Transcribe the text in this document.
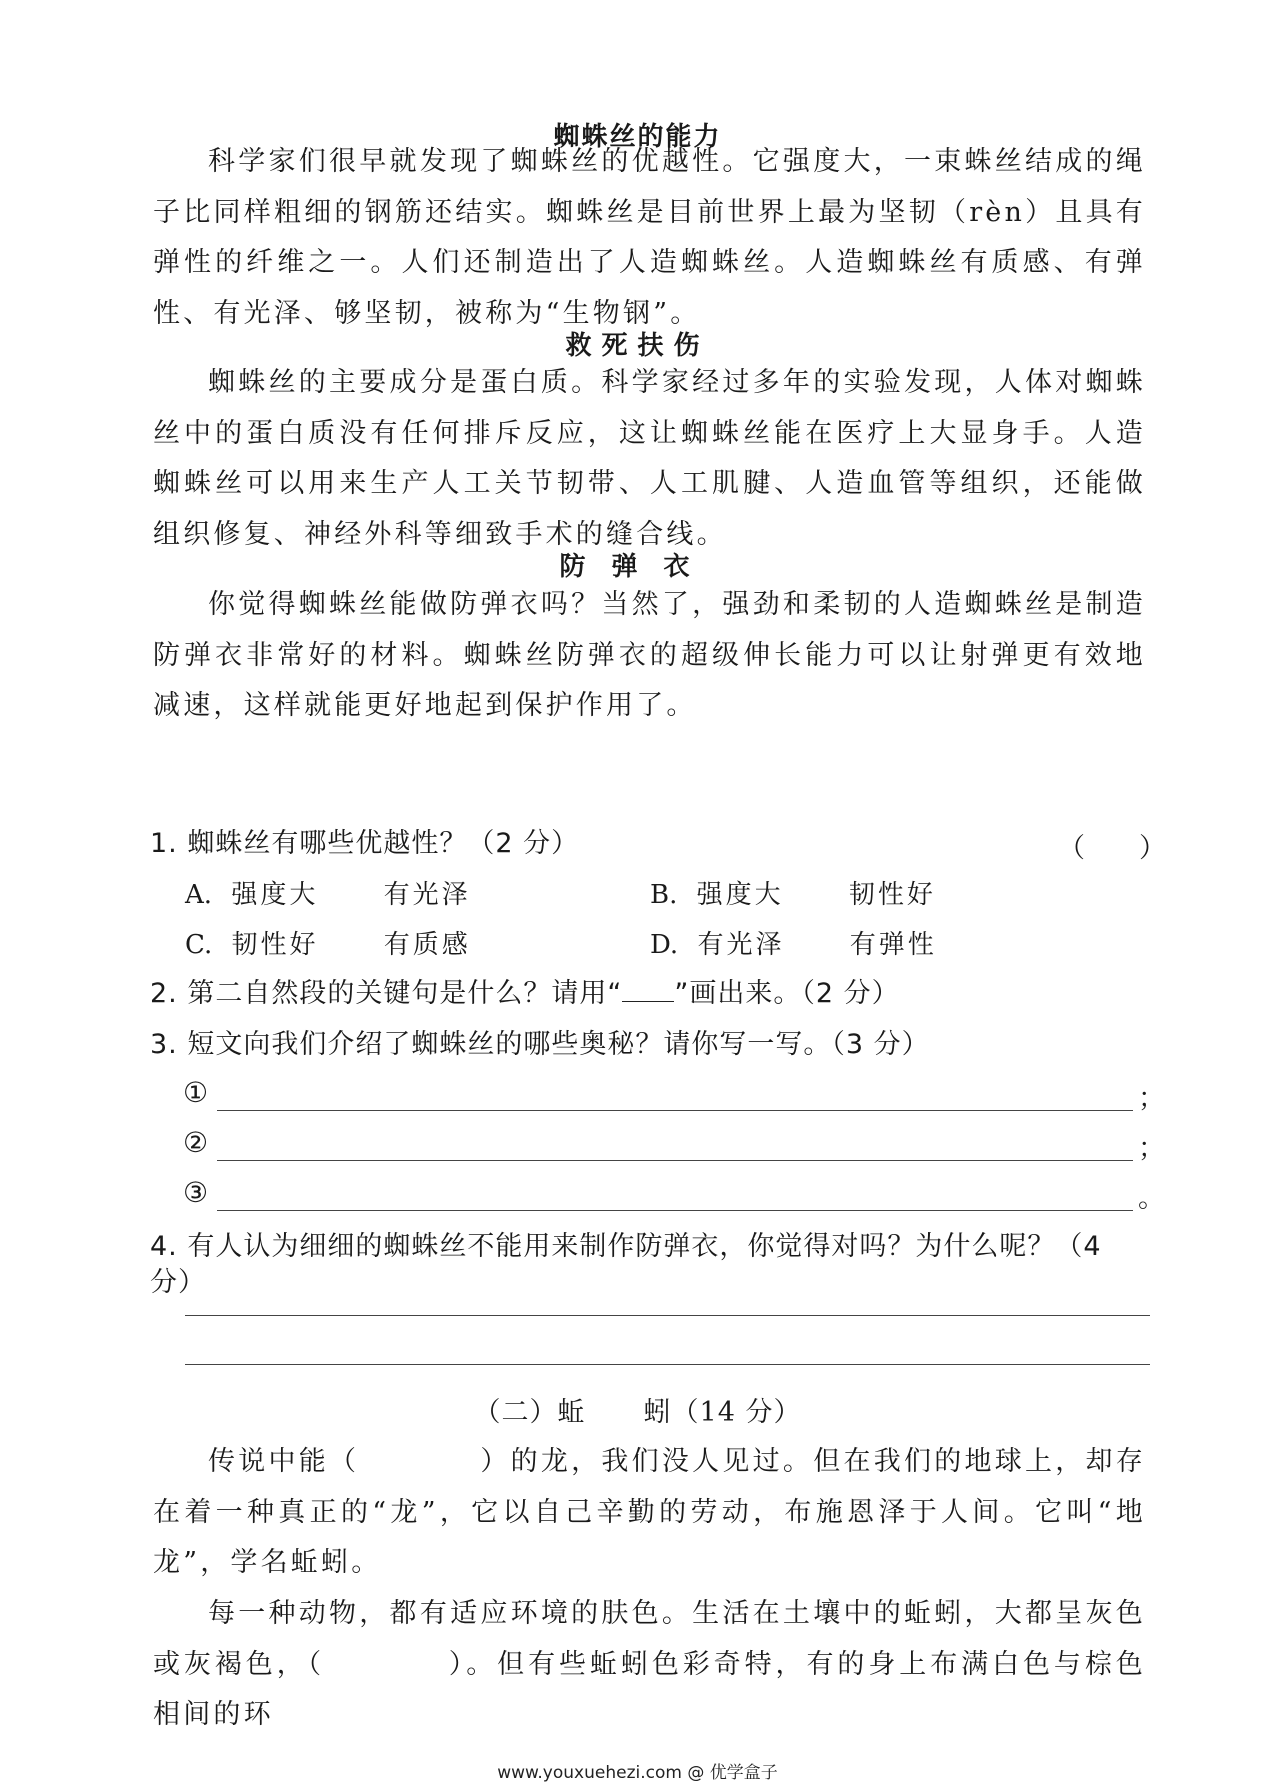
蜘蛛丝的能力
科学家们很早就发现了蜘蛛丝的优越性。它强度大，一束蛛丝结成的绳子比同样粗细的钢筋还结实。蜘蛛丝是目前世界上最为坚韧（rèn）且具有弹性的纤维之一。人们还制造出了人造蜘蛛丝。人造蜘蛛丝有质感、有弹性、有光泽、够坚韧，被称为“生物钢”。
救死扶伤
蜘蛛丝的主要成分是蛋白质。科学家经过多年的实验发现，人体对蜘蛛丝中的蛋白质没有任何排斥反应，这让蜘蛛丝能在医疗上大显身手。人造蜘蛛丝可以用来生产人工关节韧带、人工肌腱、人造血管等组织，还能做组织修复、神经外科等细致手术的缝合线。
防弹衣
你觉得蜘蛛丝能做防弹衣吗？当然了，强劲和柔韧的人造蜘蛛丝是制造防弹衣非常好的材料。蜘蛛丝防弹衣的超级伸长能力可以让射弹更有效地减速，这样就能更好地起到保护作用了。
1. 蜘蛛丝有哪些优越性？（2 分）	（　　）
A. 强度大	有光泽	B. 强度大	韧性好
C. 韧性好	有质感	D. 有光泽	有弹性
2. 第二自然段的关键句是什么？请用“ ”画出来。（2 分）
3. 短文向我们介绍了蜘蛛丝的哪些奥秘？请你写一写。（3 分）
①	；
②	；
③	。
4. 有人认为细细的蜘蛛丝不能用来制作防弹衣，你觉得对吗？为什么呢？（4 分）
（二）蚯 蚓（14 分）
传说中能（　　　　）的龙，我们没人见过。但在我们的地球上，却存在着一种真正的“龙”，它以自己辛勤的劳动，布施恩泽于人间。它叫“地龙”，学名蚯蚓。
每一种动物，都有适应环境的肤色。生活在土壤中的蚯蚓，大都呈灰色或灰褐色，（　　　　）。但有些蚯蚓色彩奇特，有的身上布满白色与棕色相间的环
www.youxuehezi.com @ 优学盒子
